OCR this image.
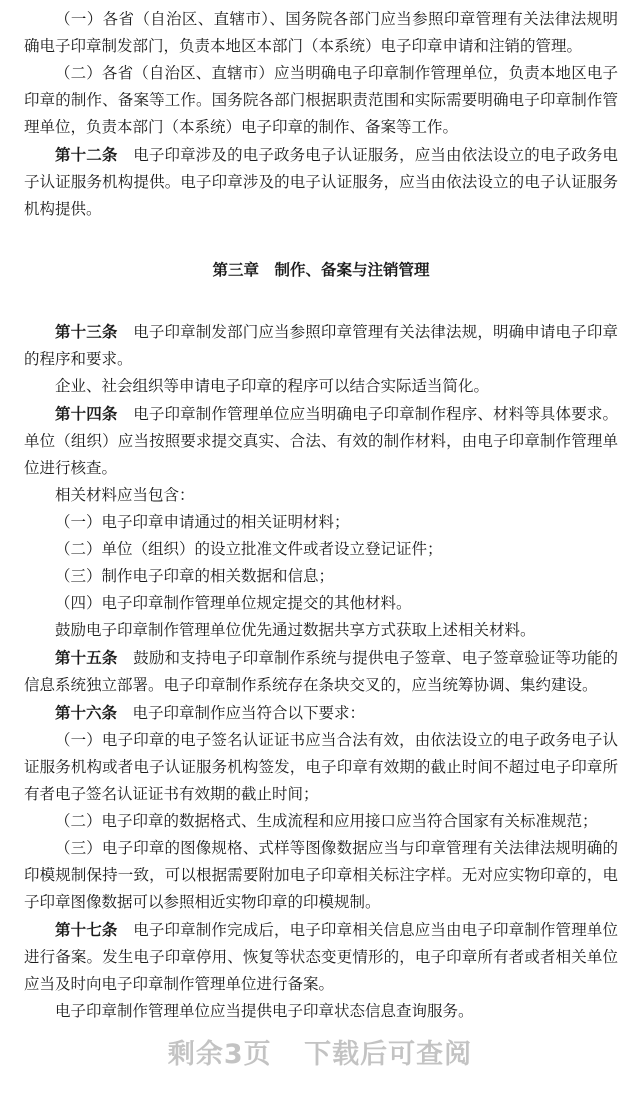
（一）各省（自治区、直辖市）、国务院各部门应当参照印章管理有关法律法规明确电子印章制发部门，负责本地区本部门（本系统）电子印章申请和注销的管理。

（二）各省（自治区、直辖市）应当明确电子印章制作管理单位，负责本地区电子印章的制作、备案等工作。国务院各部门根据职责范围和实际需要明确电子印章制作管理单位，负责本部门（本系统）电子印章的制作、备案等工作。

第十二条　电子印章涉及的电子政务电子认证服务，应当由依法设立的电子政务电子认证服务机构提供。电子印章涉及的电子认证服务，应当由依法设立的电子认证服务机构提供。

第三章　制作、备案与注销管理

第十三条　电子印章制发部门应当参照印章管理有关法律法规，明确申请电子印章的程序和要求。

企业、社会组织等申请电子印章的程序可以结合实际适当简化。

第十四条　电子印章制作管理单位应当明确电子印章制作程序、材料等具体要求。单位（组织）应当按照要求提交真实、合法、有效的制作材料，由电子印章制作管理单位进行核查。

相关材料应当包含：

（一）电子印章申请通过的相关证明材料；

（二）单位（组织）的设立批准文件或者设立登记证件；

（三）制作电子印章的相关数据和信息；

（四）电子印章制作管理单位规定提交的其他材料。

鼓励电子印章制作管理单位优先通过数据共享方式获取上述相关材料。

第十五条　鼓励和支持电子印章制作系统与提供电子签章、电子签章验证等功能的信息系统独立部署。电子印章制作系统存在条块交叉的，应当统筹协调、集约建设。

第十六条　电子印章制作应当符合以下要求：

（一）电子印章的电子签名认证证书应当合法有效，由依法设立的电子政务电子认证服务机构或者电子认证服务机构签发，电子印章有效期的截止时间不超过电子印章所有者电子签名认证证书有效期的截止时间；

（二）电子印章的数据格式、生成流程和应用接口应当符合国家有关标准规范；

（三）电子印章的图像规格、式样等图像数据应当与印章管理有关法律法规明确的印模规制保持一致，可以根据需要附加电子印章相关标注字样。无对应实物印章的，电子印章图像数据可以参照相近实物印章的印模规制。

第十七条　电子印章制作完成后，电子印章相关信息应当由电子印章制作管理单位进行备案。发生电子印章停用、恢复等状态变更情形的，电子印章所有者或者相关单位应当及时向电子印章制作管理单位进行备案。

电子印章制作管理单位应当提供电子印章状态信息查询服务。

剩余3页 下载后可查阅
